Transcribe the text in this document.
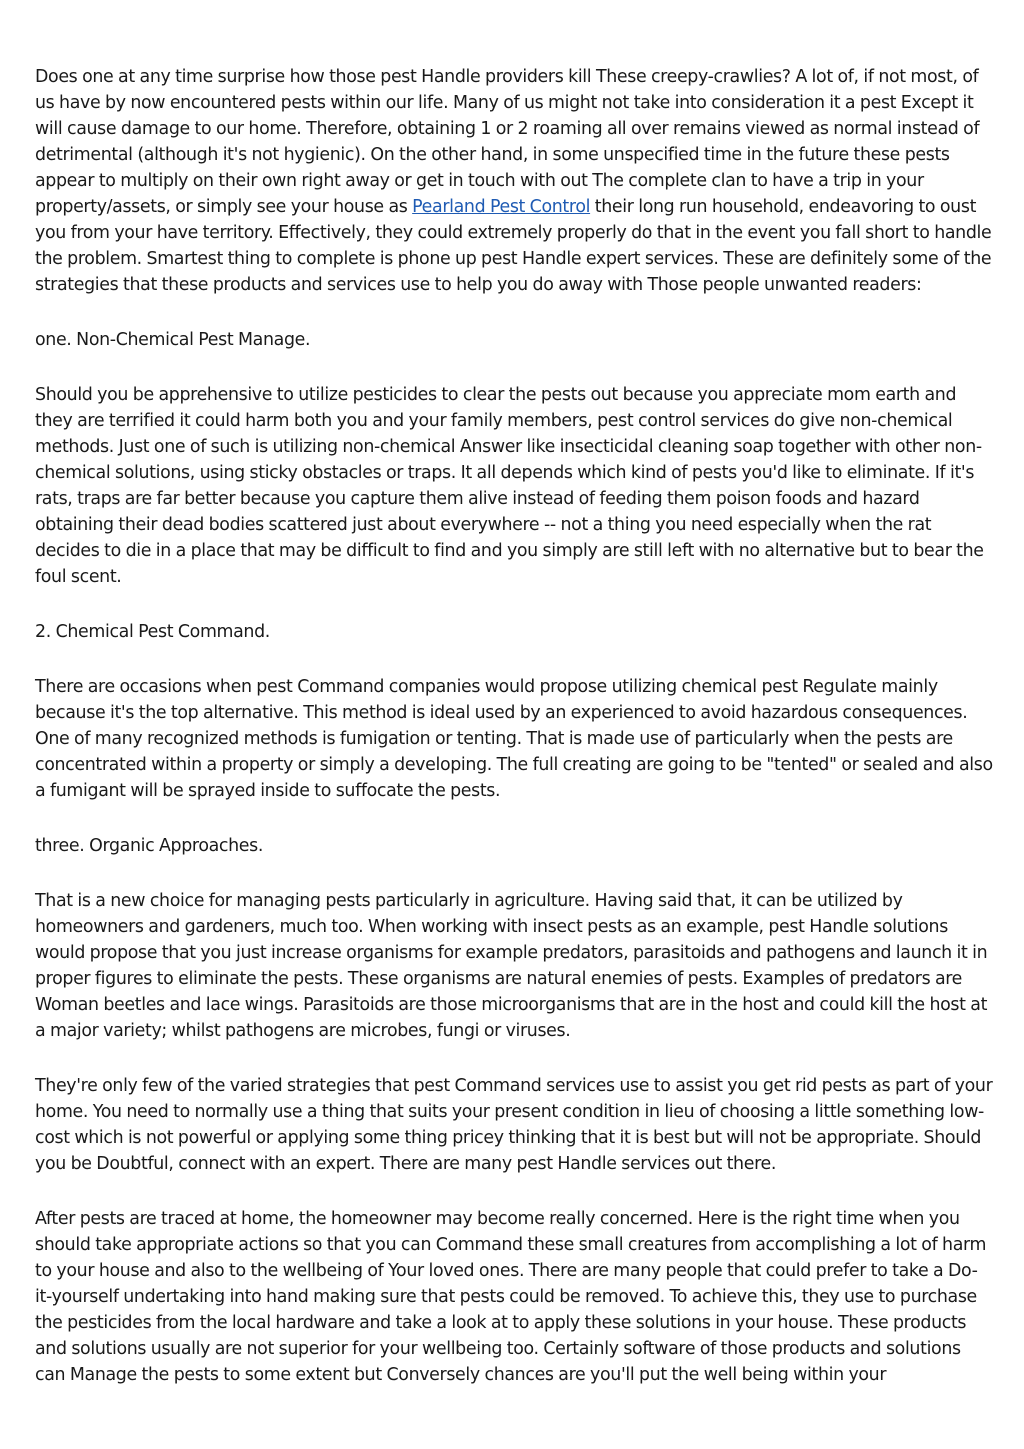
Does one at any time surprise how those pest Handle providers kill These creepy-crawlies? A lot of, if not most, of us have by now encountered pests within our life. Many of us might not take into consideration it a pest Except it will cause damage to our home. Therefore, obtaining 1 or 2 roaming all over remains viewed as normal instead of detrimental (although it's not hygienic). On the other hand, in some unspecified time in the future these pests appear to multiply on their own right away or get in touch with out The complete clan to have a trip in your property/assets, or simply see your house as Pearland Pest Control their long run household, endeavoring to oust you from your have territory. Effectively, they could extremely properly do that in the event you fall short to handle the problem. Smartest thing to complete is phone up pest Handle expert services. These are definitely some of the strategies that these products and services use to help you do away with Those people unwanted readers:

one. Non-Chemical Pest Manage.

Should you be apprehensive to utilize pesticides to clear the pests out because you appreciate mom earth and they are terrified it could harm both you and your family members, pest control services do give non-chemical methods. Just one of such is utilizing non-chemical Answer like insecticidal cleaning soap together with other non-chemical solutions, using sticky obstacles or traps. It all depends which kind of pests you'd like to eliminate. If it's rats, traps are far better because you capture them alive instead of feeding them poison foods and hazard obtaining their dead bodies scattered just about everywhere -- not a thing you need especially when the rat decides to die in a place that may be difficult to find and you simply are still left with no alternative but to bear the foul scent.

2. Chemical Pest Command.

There are occasions when pest Command companies would propose utilizing chemical pest Regulate mainly because it's the top alternative. This method is ideal used by an experienced to avoid hazardous consequences. One of many recognized methods is fumigation or tenting. That is made use of particularly when the pests are concentrated within a property or simply a developing. The full creating are going to be "tented" or sealed and also a fumigant will be sprayed inside to suffocate the pests.

three. Organic Approaches.

That is a new choice for managing pests particularly in agriculture. Having said that, it can be utilized by homeowners and gardeners, much too. When working with insect pests as an example, pest Handle solutions would propose that you just increase organisms for example predators, parasitoids and pathogens and launch it in proper figures to eliminate the pests. These organisms are natural enemies of pests. Examples of predators are Woman beetles and lace wings. Parasitoids are those microorganisms that are in the host and could kill the host at a major variety; whilst pathogens are microbes, fungi or viruses.

They're only few of the varied strategies that pest Command services use to assist you get rid pests as part of your home. You need to normally use a thing that suits your present condition in lieu of choosing a little something low-cost which is not powerful or applying some thing pricey thinking that it is best but will not be appropriate. Should you be Doubtful, connect with an expert. There are many pest Handle services out there.

After pests are traced at home, the homeowner may become really concerned. Here is the right time when you should take appropriate actions so that you can Command these small creatures from accomplishing a lot of harm to your house and also to the wellbeing of Your loved ones. There are many people that could prefer to take a Do-it-yourself undertaking into hand making sure that pests could be removed. To achieve this, they use to purchase the pesticides from the local hardware and take a look at to apply these solutions in your house. These products and solutions usually are not superior for your wellbeing too. Certainly software of those products and solutions can Manage the pests to some extent but Conversely chances are you'll put the well being within your
